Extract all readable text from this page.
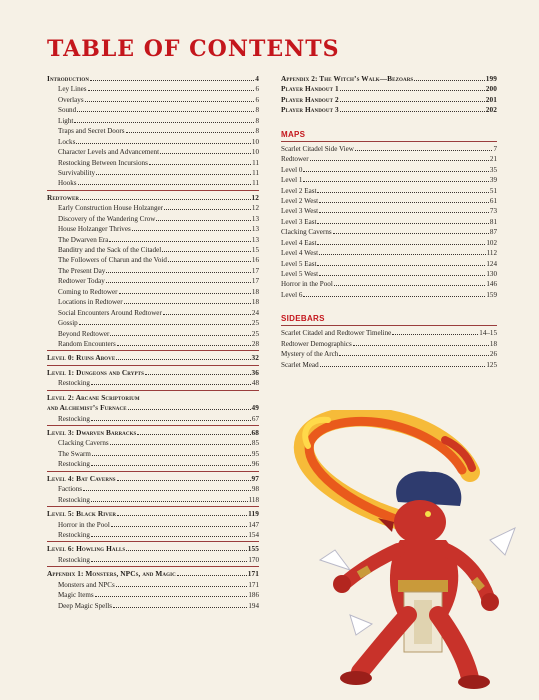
TABLE OF CONTENTS
Introduction	4
Ley Lines	6
Overlays	6
Sound	8
Light	8
Traps and Secret Doors	8
Locks	10
Character Levels and Advancement	10
Restocking Between Incursions	11
Survivability	11
Hooks	11
Redtower	12
Early Construction House Holzanger	12
Discovery of the Wandering Crow	13
House Holzanger Thrives	13
The Dwarven Era	13
Banditry and the Sack of the Citadel	15
The Followers of Charun and the Void	16
The Present Day	17
Redtower Today	17
Coming to Redtower	18
Locations in Redtower	18
Social Encounters Around Redtower	24
Gossip	25
Beyond Redtower	25
Random Encounters	28
Level 0: Ruins Above	32
Level 1: Dungeons and Crypts	36
Restocking	48
Level 2: Arcane Scriptorium
and Alchemist’s Furnace	49
Restocking	67
Level 3: Dwarven Barracks	68
Clacking Caverns	85
The Swarm	95
Restocking	96
Level 4: Bat Caverns	97
Factions	98
Restocking	118
Level 5: Black River	119
Horror in the Pool	147
Restocking	154
Level 6: Howling Halls	155
Restocking	170
Appendix 1: Monsters, NPCs, and Magic	171
Monsters and NPCs	171
Magic Items	186
Deep Magic Spells	194
Appendix 2: The Witch’s Walk—Bezoars	199
Player Handout 1	200
Player Handout 2	201
Player Handout 3	202
MAPS
Scarlet Citadel Side View	7
Redtower	21
Level 0	35
Level 1	39
Level 2 East	51
Level 2 West	61
Level 3 West	73
Level 3 East	81
Clacking Caverns	87
Level 4 East	102
Level 4 West	112
Level 5 East	124
Level 5 West	130
Horror in the Pool	146
Level 6	159
SIDEBARS
Scarlet Citadel and Redtower Timeline	14–15
Redtower Demographics	18
Mystery of the Arch	26
Scarlet Mead	125
